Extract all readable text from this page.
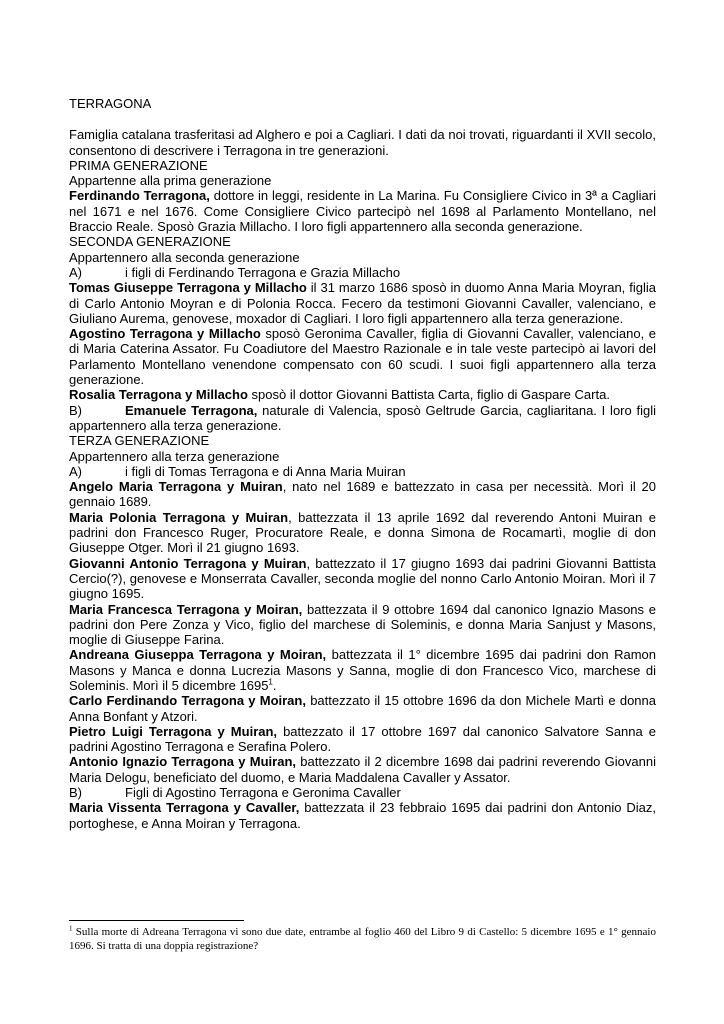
TERRAGONA

Famiglia catalana trasferitasi ad Alghero e poi a Cagliari. I dati da noi trovati, riguardanti il XVII secolo, consentono di descrivere i Terragona in tre generazioni.

PRIMA GENERAZIONE

Appartenne alla prima generazione

Ferdinando Terragona, dottore in leggi, residente in La Marina. Fu Consigliere Civico in 3ª a Cagliari nel 1671 e nel 1676. Come Consigliere Civico partecipò nel 1698 al Parlamento Montellano, nel Braccio Reale. Sposò Grazia Millacho. I loro figli appartennero alla seconda generazione.

SECONDA GENERAZIONE

Appartennero alla seconda generazione

A)	i figli di Ferdinando Terragona e Grazia Millacho

Tomas Giuseppe Terragona y Millacho il 31 marzo 1686 sposò in duomo Anna Maria Moyran, figlia di Carlo Antonio Moyran e di Polonia Rocca. Fecero da testimoni Giovanni Cavaller, valenciano, e Giuliano Aurema, genovese, moxador di Cagliari. I loro figli appartennero alla terza generazione.

Agostino Terragona y Millacho sposò Geronima Cavaller, figlia di Giovanni Cavaller, valenciano, e di Maria Caterina Assator. Fu Coadiutore del Maestro Razionale e in tale veste partecipò ai lavori del Parlamento Montellano venendone compensato con 60 scudi. I suoi figli appartennero alla terza generazione.

Rosalia Terragona y Millacho sposò il dottor Giovanni Battista Carta, figlio di Gaspare Carta.

B)	Emanuele Terragona, naturale di Valencia, sposò Geltrude Garcia, cagliaritana. I loro figli appartennero alla terza generazione.

TERZA GENERAZIONE

Appartennero alla terza generazione

A)	i figli di Tomas Terragona e di Anna Maria Muiran

Angelo Maria Terragona y Muiran, nato nel 1689 e battezzato in casa per necessità. Morì il 20 gennaio 1689.

Maria Polonia Terragona y Muiran, battezzata il 13 aprile 1692 dal reverendo Antoni Muiran e padrini don Francesco Ruger, Procuratore Reale, e donna Simona de Rocamartì, moglie di don Giuseppe Otger. Morì il 21 giugno 1693.

Giovanni Antonio Terragona y Muiran, battezzato il 17 giugno 1693 dai padrini Giovanni Battista Cercio(?), genovese e Monserrata Cavaller, seconda moglie del nonno Carlo Antonio Moiran. Morì il 7 giugno 1695.

Maria Francesca Terragona y Moiran, battezzata il 9 ottobre 1694 dal canonico Ignazio Masons e padrini don Pere Zonza y Vico, figlio del marchese di Soleminis, e donna Maria Sanjust y Masons, moglie di Giuseppe Farina.

Andreana Giuseppa Terragona y Moiran, battezzata il 1° dicembre 1695 dai padrini don Ramon Masons y Manca e donna Lucrezia Masons y Sanna, moglie di don Francesco Vico, marchese di Soleminis. Morì il 5 dicembre 1695$^1$.

Carlo Ferdinando Terragona y Moiran, battezzato il 15 ottobre 1696 da don Michele Martì e donna Anna Bonfant y Atzori.

Pietro Luigi Terragona y Muiran, battezzato il 17 ottobre 1697 dal canonico Salvatore Sanna e padrini Agostino Terragona e Serafina Polero.

Antonio Ignazio Terragona y Muiran, battezzato il 2 dicembre 1698 dai padrini reverendo Giovanni Maria Delogu, beneficiato del duomo, e Maria Maddalena Cavaller y Assator.

B)	Figli di Agostino Terragona e Geronima Cavaller

Maria Vissenta Terragona y Cavaller, battezzata il 23 febbraio 1695 dai padrini don Antonio Diaz, portoghese, e Anna Moiran y Terragona.

$^1$ Sulla morte di Adreana Terragona vi sono due date, entrambe al foglio 460 del Libro 9 di Castello: 5 dicembre 1695 e 1° gennaio 1696. Si tratta di una doppia registrazione?
